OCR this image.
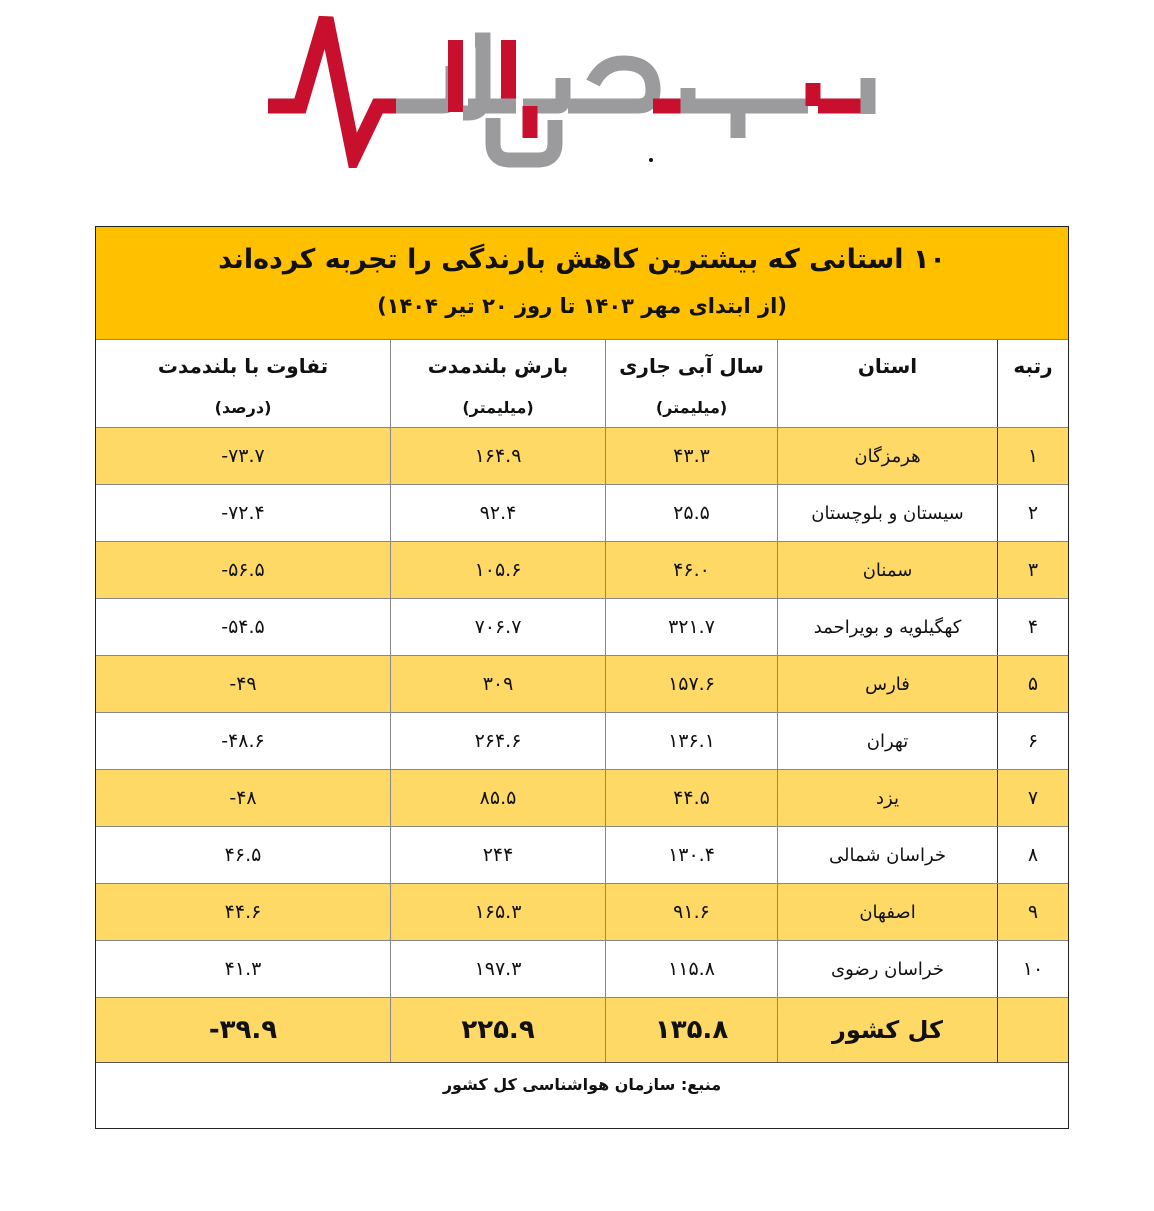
۱۰ استانی که بیشترین کاهش بارندگی را تجربه کرده‌اند
(از ابتدای مهر ۱۴۰۳ تا روز ۲۰ تیر ۱۴۰۴)
رتبه
استان
سال آبی جاری
(میلیمتر)
بارش بلندمدت
(میلیمتر)
تفاوت با بلندمدت
(درصد)
۱
هرمزگان
۴۳.۳
۱۶۴.۹
-۷۳.۷
۲
سیستان و بلوچستان
۲۵.۵
۹۲.۴
-۷۲.۴
۳
سمنان
۴۶.۰
۱۰۵.۶
-۵۶.۵
۴
کهگیلویه و بویراحمد
۳۲۱.۷
۷۰۶.۷
-۵۴.۵
۵
فارس
۱۵۷.۶
۳۰۹
-۴۹
۶
تهران
۱۳۶.۱
۲۶۴.۶
-۴۸.۶
۷
یزد
۴۴.۵
۸۵.۵
-۴۸
۸
خراسان شمالی
۱۳۰.۴
۲۴۴
۴۶.۵
۹
اصفهان
۹۱.۶
۱۶۵.۳
۴۴.۶
۱۰
خراسان رضوی
۱۱۵.۸
۱۹۷.۳
۴۱.۳
کل کشور
۱۳۵.۸
۲۲۵.۹
-۳۹.۹
منبع: سازمان هواشناسی کل کشور
